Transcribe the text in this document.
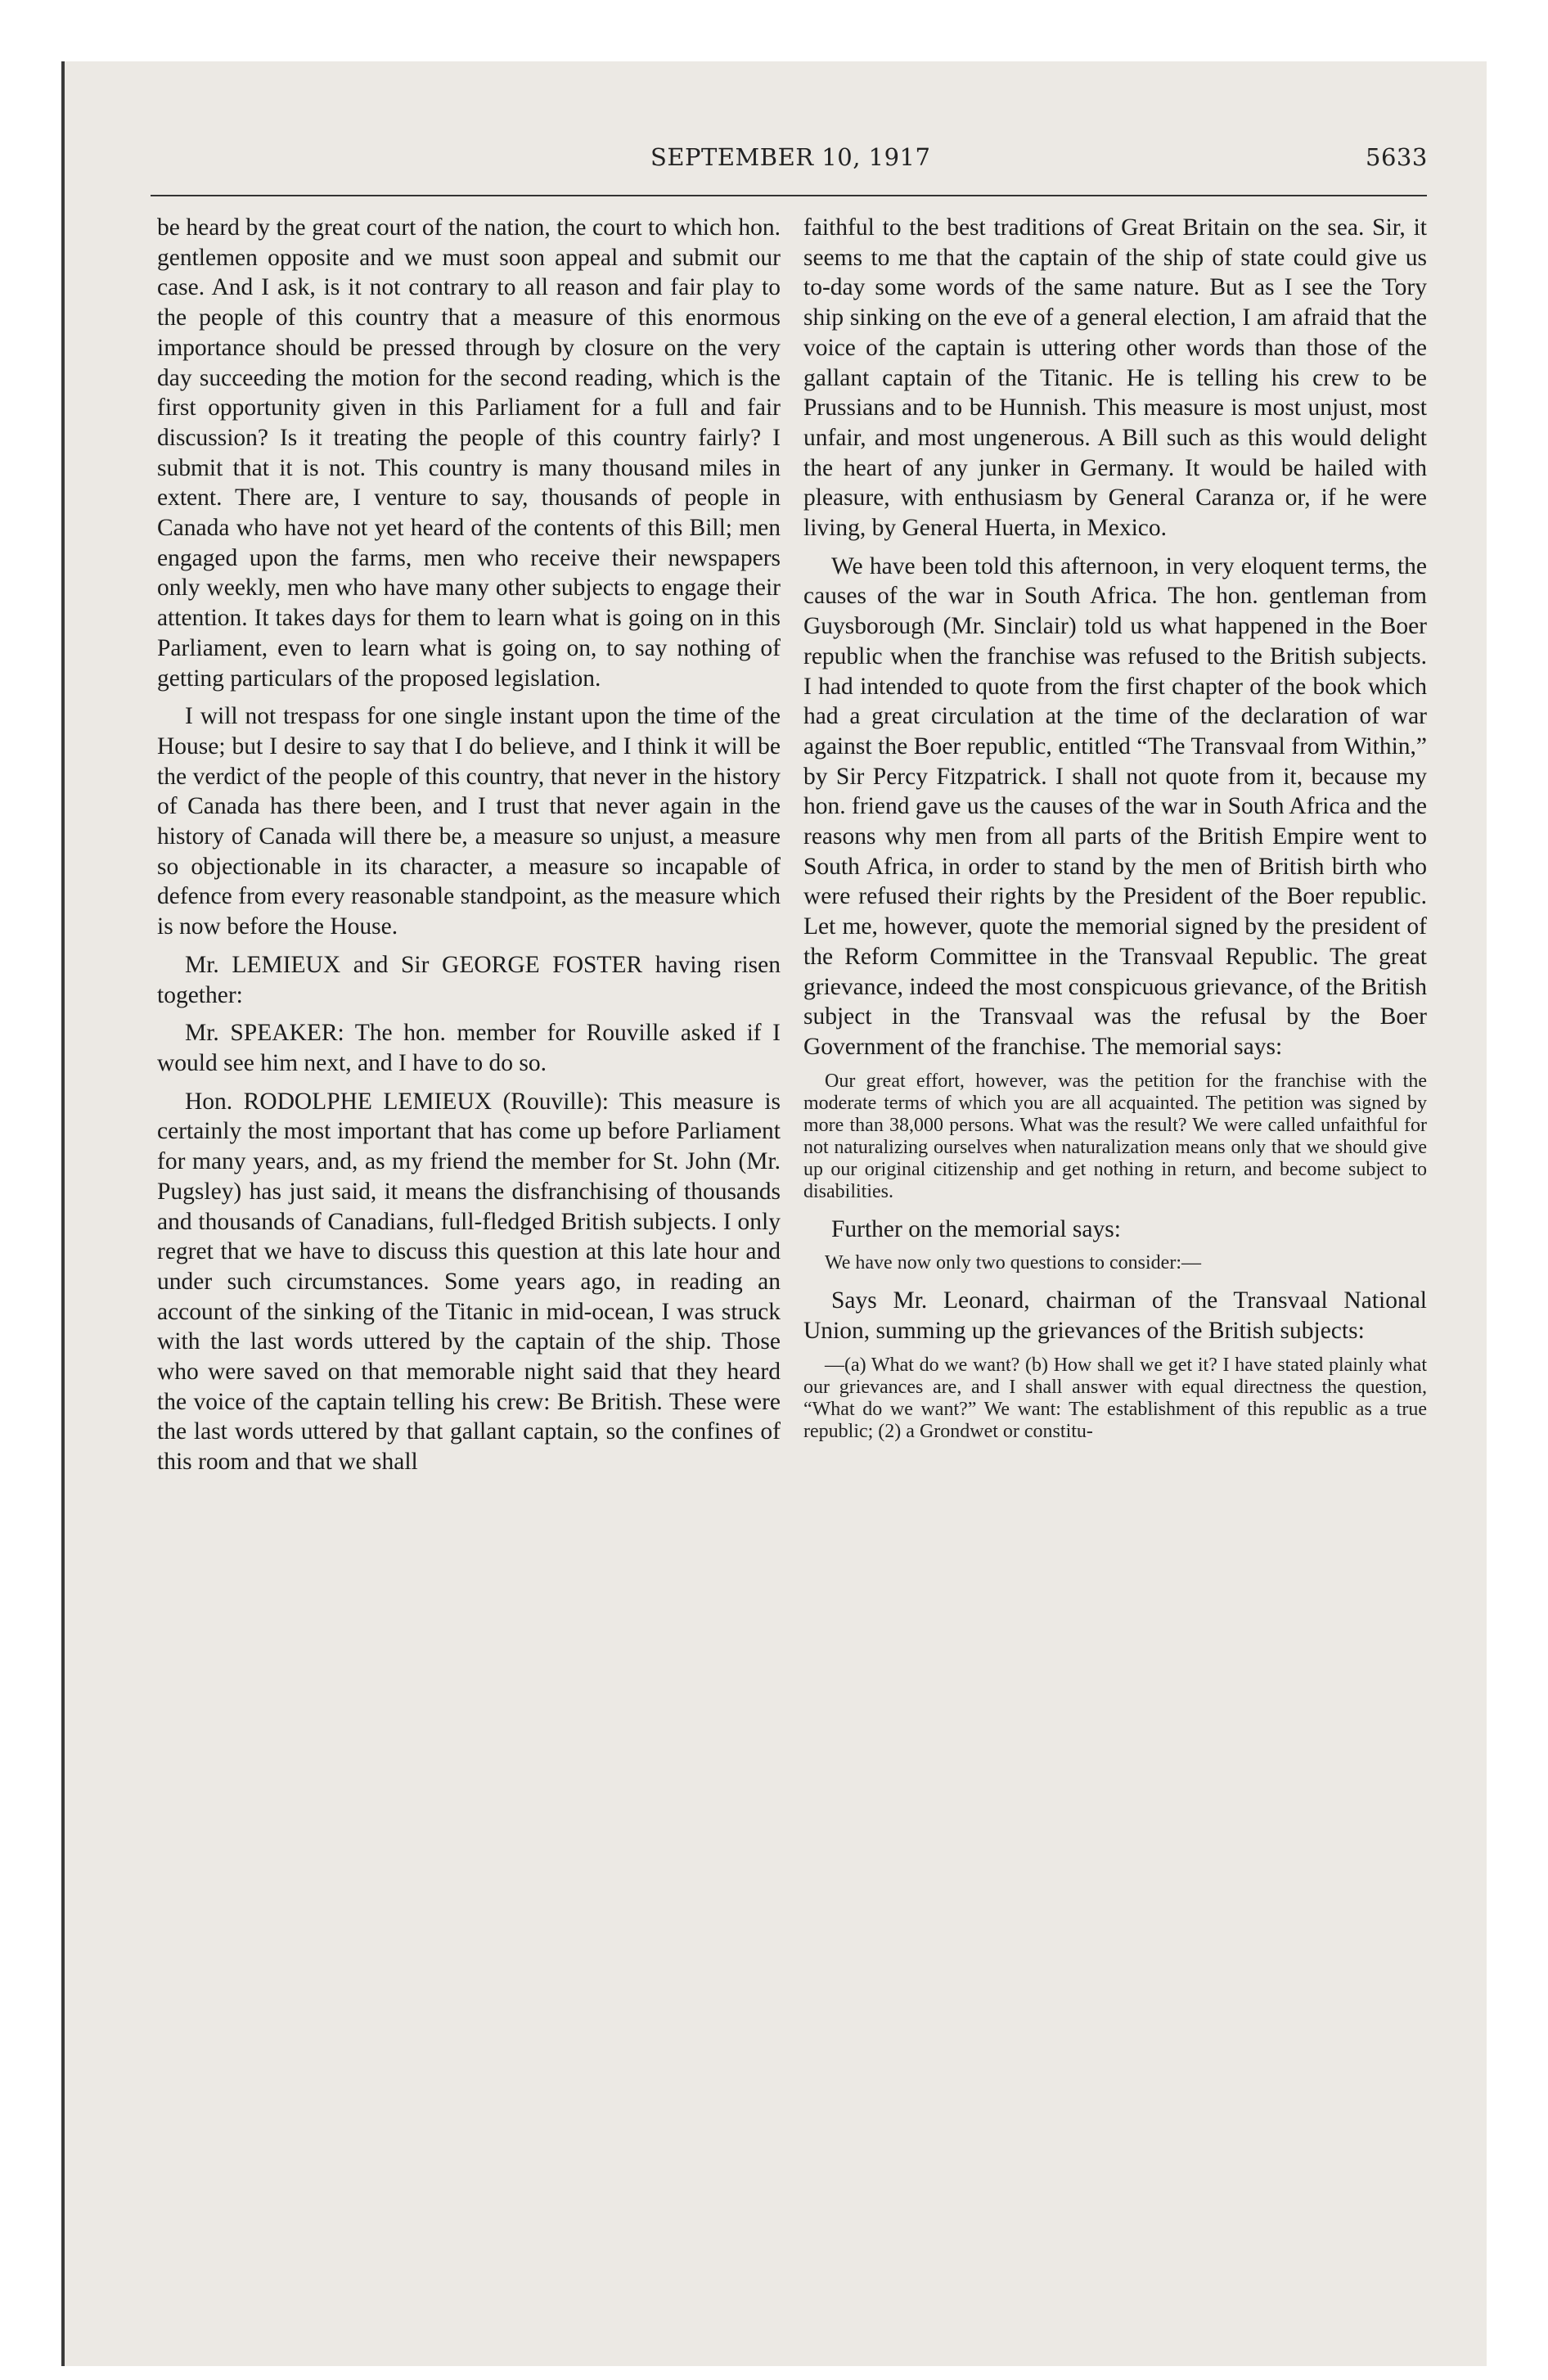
SEPTEMBER 10, 1917	5633

be heard by the great court of the nation, the court to which hon. gentlemen opposite and we must soon appeal and submit our case. And I ask, is it not contrary to all reason and fair play to the people of this country that a measure of this enormous importance should be pressed through by closure on the very day succeeding the motion for the second reading, which is the first opportunity given in this Parliament for a full and fair discussion? Is it treating the people of this country fairly? I submit that it is not. This country is many thousand miles in extent. There are, I venture to say, thousands of people in Canada who have not yet heard of the contents of this Bill; men engaged upon the farms, men who receive their newspapers only weekly, men who have many other subjects to engage their attention. It takes days for them to learn what is going on in this Parliament, even to learn what is going on, to say nothing of getting particulars of the proposed legislation.

I will not trespass for one single instant upon the time of the House; but I desire to say that I do believe, and I think it will be the verdict of the people of this country, that never in the history of Canada has there been, and I trust that never again in the history of Canada will there be, a measure so unjust, a measure so objectionable in its character, a measure so incapable of defence from every reasonable standpoint, as the measure which is now before the House.

Mr. LEMIEUX and Sir GEORGE FOSTER having risen together:

Mr. SPEAKER: The hon. member for Rouville asked if I would see him next, and I have to do so.

Hon. RODOLPHE LEMIEUX (Rouville): This measure is certainly the most important that has come up before Parliament for many years, and, as my friend the member for St. John (Mr. Pugsley) has just said, it means the disfranchising of thousands and thousands of Canadians, full-fledged British subjects. I only regret that we have to discuss this question at this late hour and under such circumstances. Some years ago, in reading an account of the sinking of the Titanic in mid-ocean, I was struck with the last words uttered by the captain of the ship. Those who were saved on that memorable night said that they heard the voice of the captain telling his crew: Be British. These were the last words uttered by that gallant captain, so the confines of this room and that we shall

faithful to the best traditions of Great Britain on the sea. Sir, it seems to me that the captain of the ship of state could give us to-day some words of the same nature. But as I see the Tory ship sinking on the eve of a general election, I am afraid that the voice of the captain is uttering other words than those of the gallant captain of the Titanic. He is telling his crew to be Prussians and to be Hunnish. This measure is most unjust, most unfair, and most ungenerous. A Bill such as this would delight the heart of any junker in Germany. It would be hailed with pleasure, with enthusiasm by General Caranza or, if he were living, by General Huerta, in Mexico.

We have been told this afternoon, in very eloquent terms, the causes of the war in South Africa. The hon. gentleman from Guysborough (Mr. Sinclair) told us what happened in the Boer republic when the franchise was refused to the British subjects. I had intended to quote from the first chapter of the book which had a great circulation at the time of the declaration of war against the Boer republic, entitled “The Transvaal from Within,” by Sir Percy Fitzpatrick. I shall not quote from it, because my hon. friend gave us the causes of the war in South Africa and the reasons why men from all parts of the British Empire went to South Africa, in order to stand by the men of British birth who were refused their rights by the President of the Boer republic. Let me, however, quote the memorial signed by the president of the Reform Committee in the Transvaal Republic. The great grievance, indeed the most conspicuous grievance, of the British subject in the Transvaal was the refusal by the Boer Government of the franchise. The memorial says:

Our great effort, however, was the petition for the franchise with the moderate terms of which you are all acquainted. The petition was signed by more than 38,000 persons. What was the result? We were called unfaithful for not naturalizing ourselves when naturalization means only that we should give up our original citizenship and get nothing in return, and become subject to disabilities.

Further on the memorial says:

We have now only two questions to consider:—

Says Mr. Leonard, chairman of the Transvaal National Union, summing up the grievances of the British subjects:

—(a) What do we want? (b) How shall we get it? I have stated plainly what our grievances are, and I shall answer with equal directness the question, “What do we want?” We want: The establishment of this republic as a true republic; (2) a Grondwet or constitu-
